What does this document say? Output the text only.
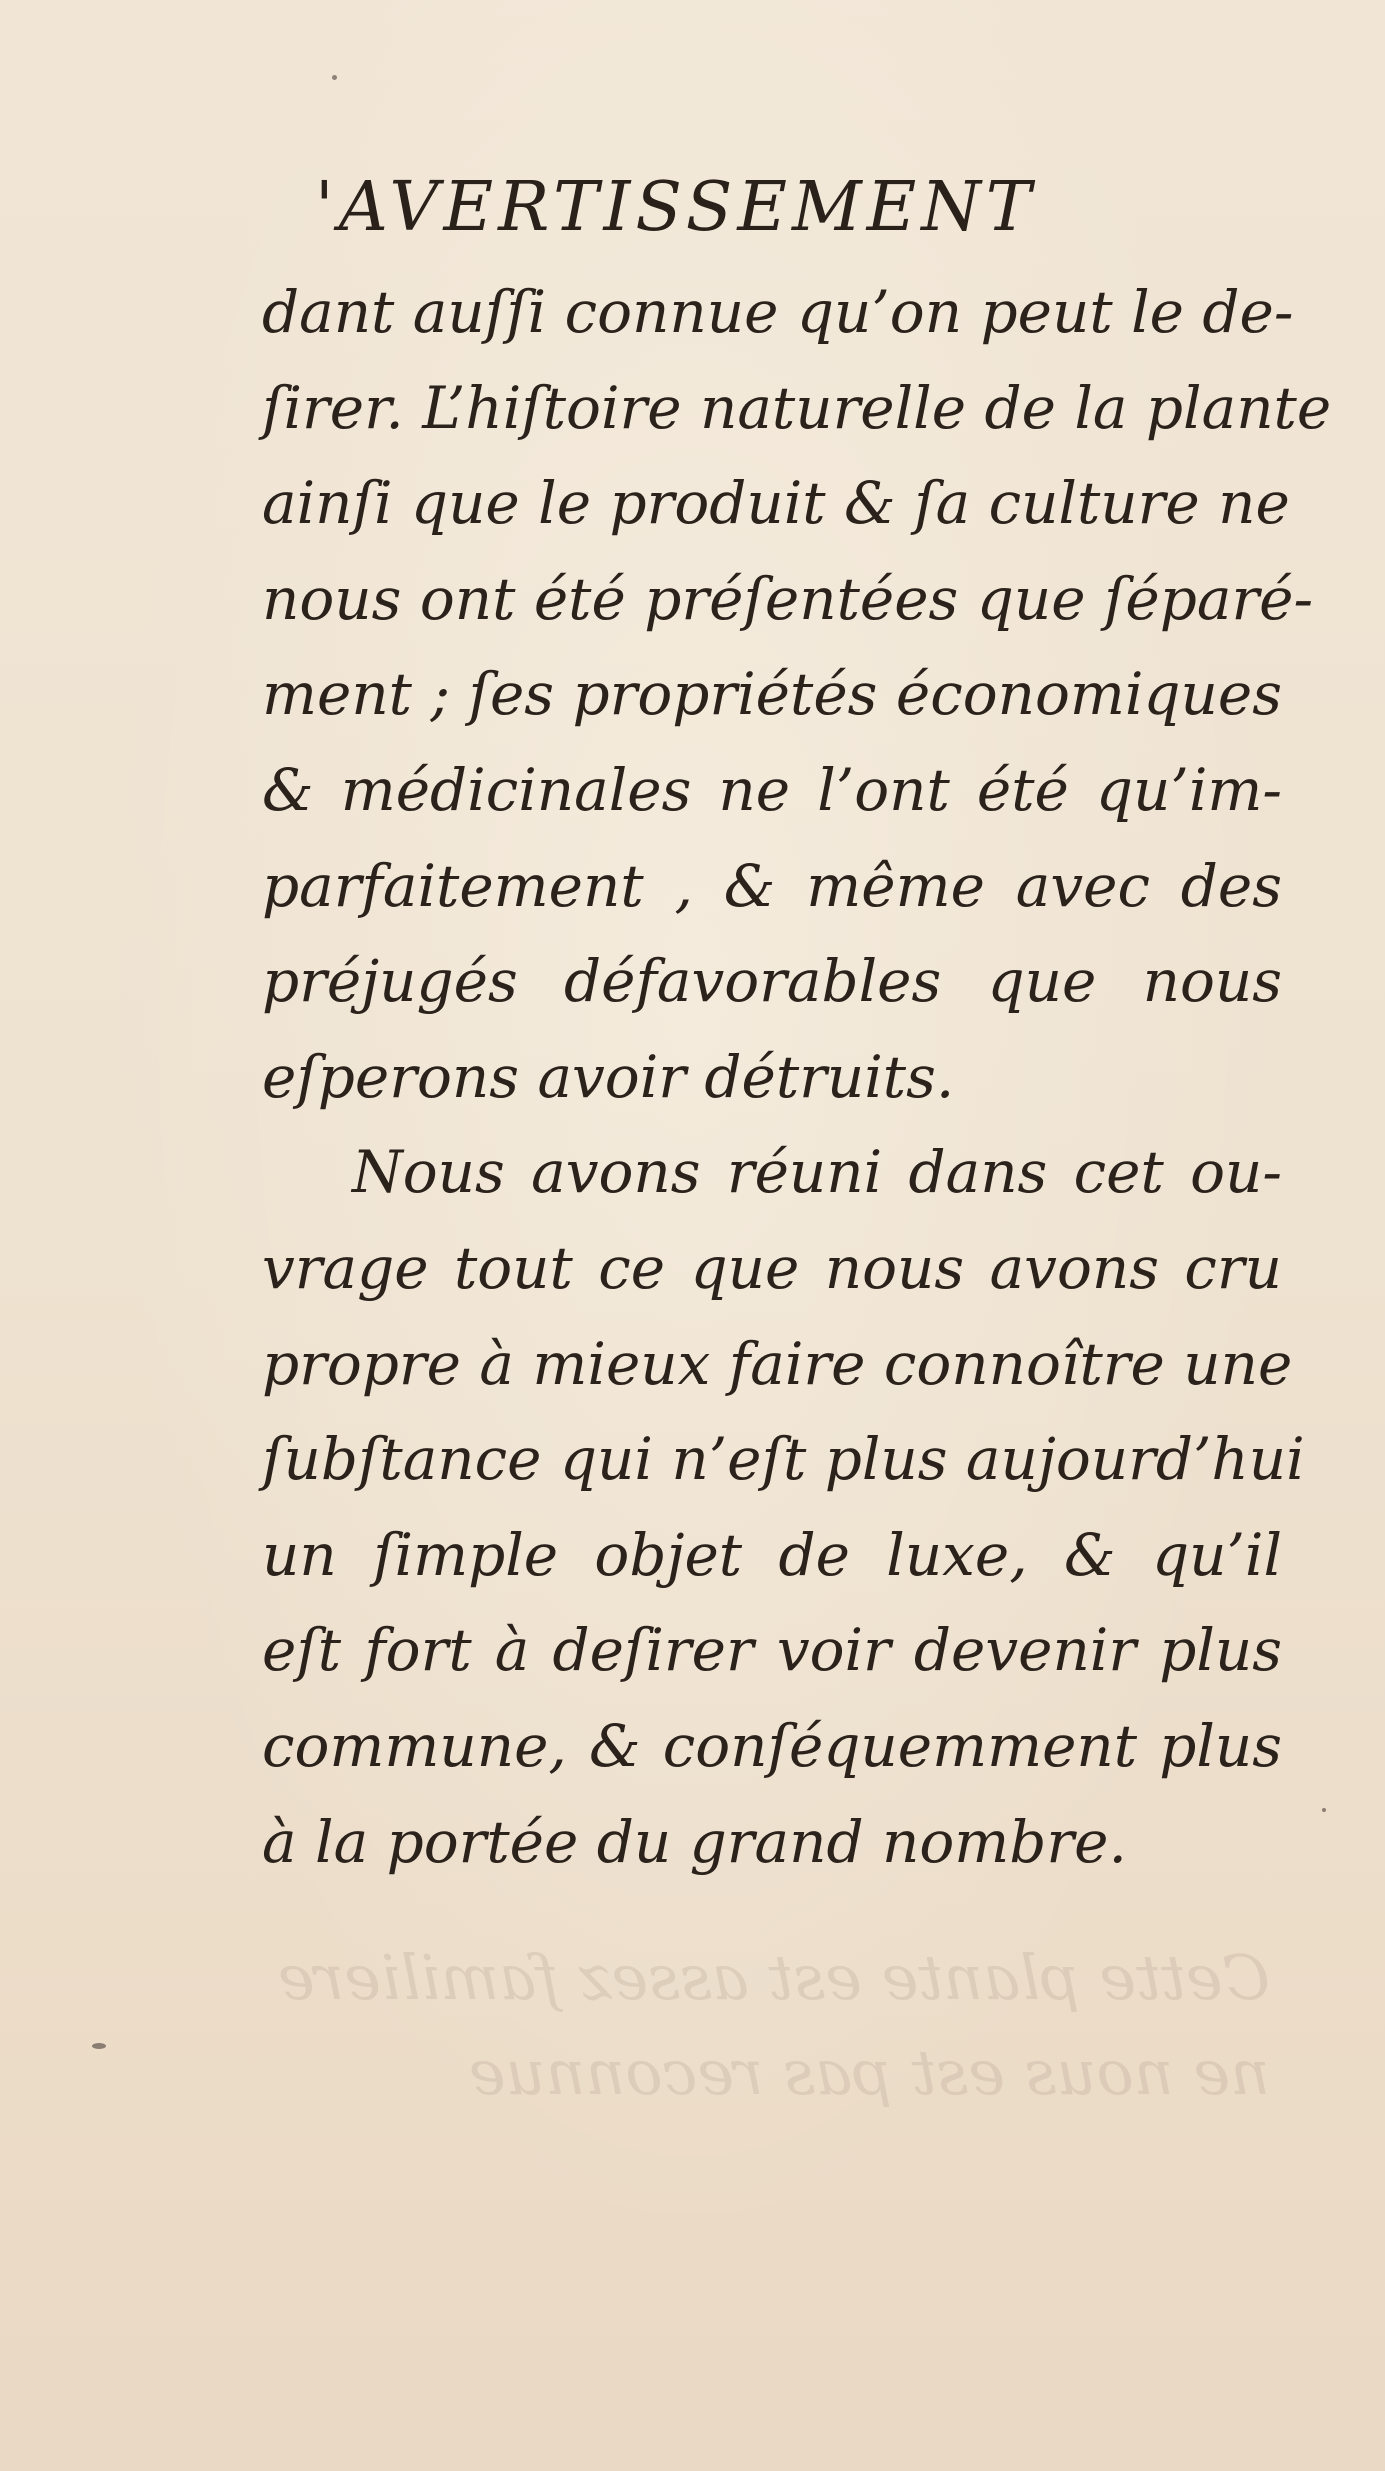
Cette plante est assez familiere
ne nous est pas reconnue
'AVERTISSEMENT
dant auſſi connue qu’on peut le de-
ſirer. L’hiſtoire naturelle de la plante
ainſi que le produit & ſa culture ne
nous ont été préſentées que ſéparé-
ment ; ſes propriétés économiques
& médicinales ne l’ont été qu’im-
parfaitement , & même avec des
préjugés défavorables que nous
eſperons avoir détruits.
Nous avons réuni dans cet ou-
vrage tout ce que nous avons cru
propre à mieux faire connoître une
ſubſtance qui n’eſt plus aujourd’hui
un ſimple objet de luxe, & qu’il
eſt fort à deſirer voir devenir plus
commune, & conſéquemment plus
à la portée du grand nombre.
